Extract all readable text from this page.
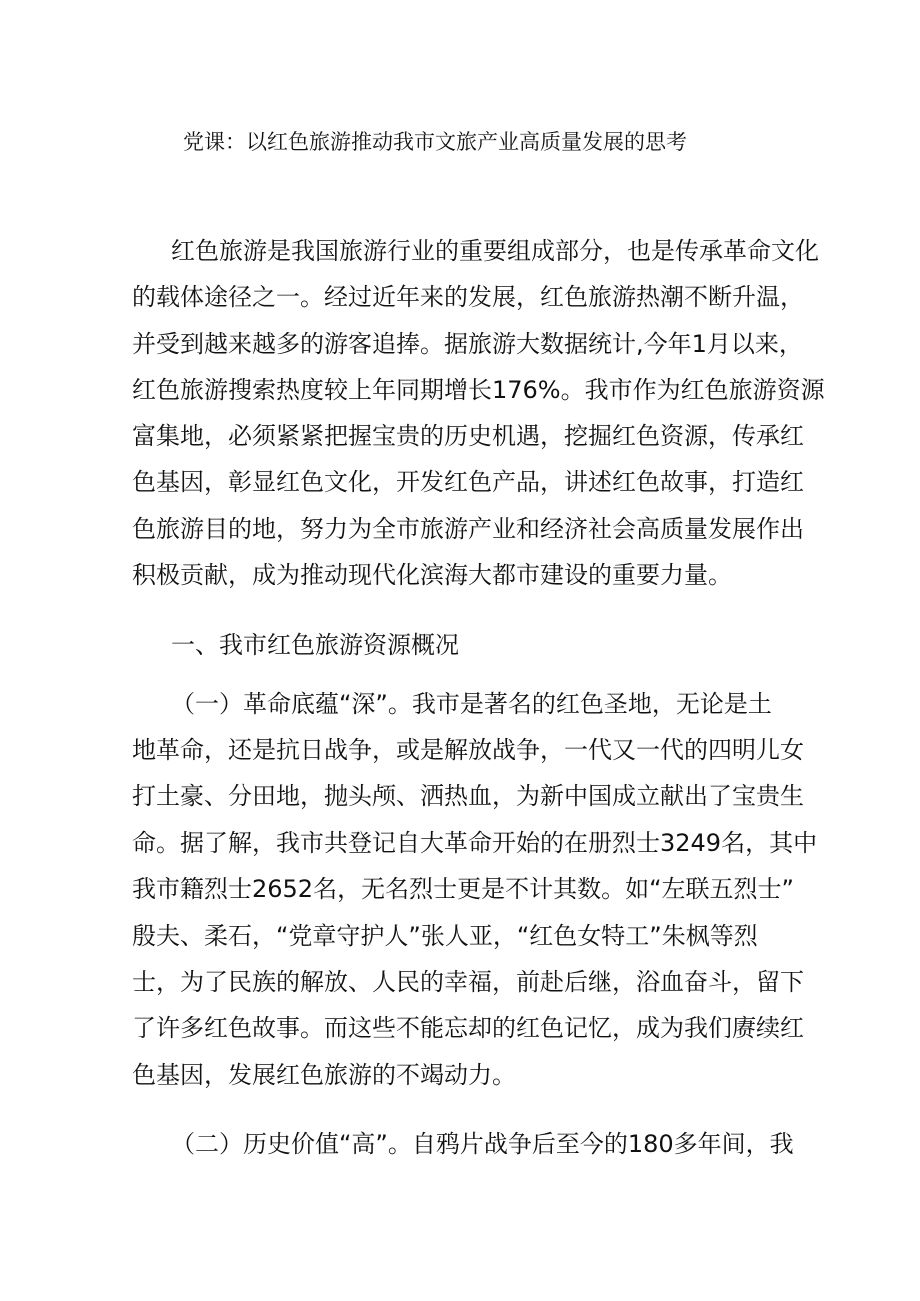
党课：以红色旅游推动我市文旅产业高质量发展的思考
红色旅游是我国旅游行业的重要组成部分，也是传承革命文化
的载体途径之一。经过近年来的发展，红色旅游热潮不断升温，
并受到越来越多的游客追捧。据旅游大数据统计,今年1月以来，
红色旅游搜索热度较上年同期增长176%。我市作为红色旅游资源
富集地，必须紧紧把握宝贵的历史机遇，挖掘红色资源，传承红
色基因，彰显红色文化，开发红色产品，讲述红色故事，打造红
色旅游目的地，努力为全市旅游产业和经济社会高质量发展作出
积极贡献，成为推动现代化滨海大都市建设的重要力量。
一、我市红色旅游资源概况
（一）革命底蕴“深”。我市是著名的红色圣地，无论是土
地革命，还是抗日战争，或是解放战争，一代又一代的四明儿女
打土豪、分田地，抛头颅、洒热血，为新中国成立献出了宝贵生
命。据了解，我市共登记自大革命开始的在册烈士3249名，其中
我市籍烈士2652名，无名烈士更是不计其数。如“左联五烈士”
殷夫、柔石，“党章守护人”张人亚，“红色女特工”朱枫等烈
士，为了民族的解放、人民的幸福，前赴后继，浴血奋斗，留下
了许多红色故事。而这些不能忘却的红色记忆，成为我们赓续红
色基因，发展红色旅游的不竭动力。
（二）历史价值“高”。自鸦片战争后至今的180多年间，我
